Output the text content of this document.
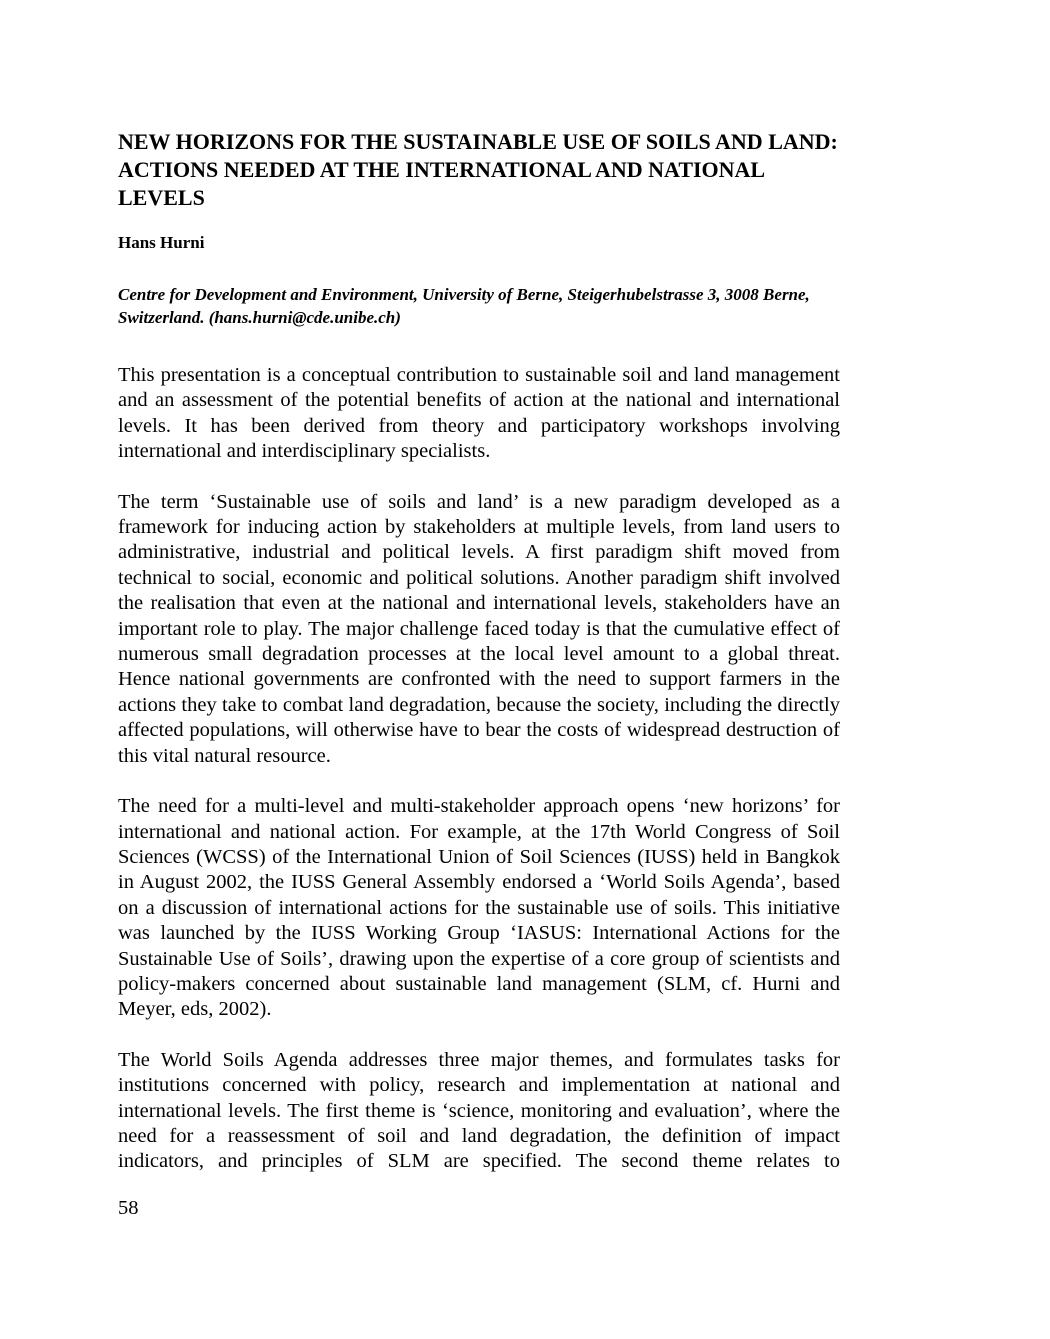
NEW HORIZONS FOR THE SUSTAINABLE USE OF SOILS AND LAND: ACTIONS NEEDED AT THE INTERNATIONAL AND NATIONAL LEVELS

Hans Hurni

Centre for Development and Environment, University of Berne, Steigerhubelstrasse 3, 3008 Berne, Switzerland. (hans.hurni@cde.unibe.ch)

This presentation is a conceptual contribution to sustainable soil and land management and an assessment of the potential benefits of action at the national and international levels. It has been derived from theory and participatory workshops involving international and interdisciplinary specialists.

The term ‘Sustainable use of soils and land’ is a new paradigm developed as a framework for inducing action by stakeholders at multiple levels, from land users to administrative, industrial and political levels. A first paradigm shift moved from technical to social, economic and political solutions. Another paradigm shift involved the realisation that even at the national and international levels, stakeholders have an important role to play. The major challenge faced today is that the cumulative effect of numerous small degradation processes at the local level amount to a global threat. Hence national governments are confronted with the need to support farmers in the actions they take to combat land degradation, because the society, including the directly affected populations, will otherwise have to bear the costs of widespread destruction of this vital natural resource.

The need for a multi-level and multi-stakeholder approach opens ‘new horizons’ for international and national action. For example, at the 17th World Congress of Soil Sciences (WCSS) of the International Union of Soil Sciences (IUSS) held in Bangkok in August 2002, the IUSS General Assembly endorsed a ‘World Soils Agenda’, based on a discussion of international actions for the sustainable use of soils. This initiative was launched by the IUSS Working Group ‘IASUS: International Actions for the Sustainable Use of Soils’, drawing upon the expertise of a core group of scientists and policy-makers concerned about sustainable land management (SLM, cf. Hurni and Meyer, eds, 2002).

The World Soils Agenda addresses three major themes, and formulates tasks for institutions concerned with policy, research and implementation at national and international levels. The first theme is ‘science, monitoring and evaluation’, where the need for a reassessment of soil and land degradation, the definition of impact indicators, and principles of SLM are specified. The second theme relates to

58
